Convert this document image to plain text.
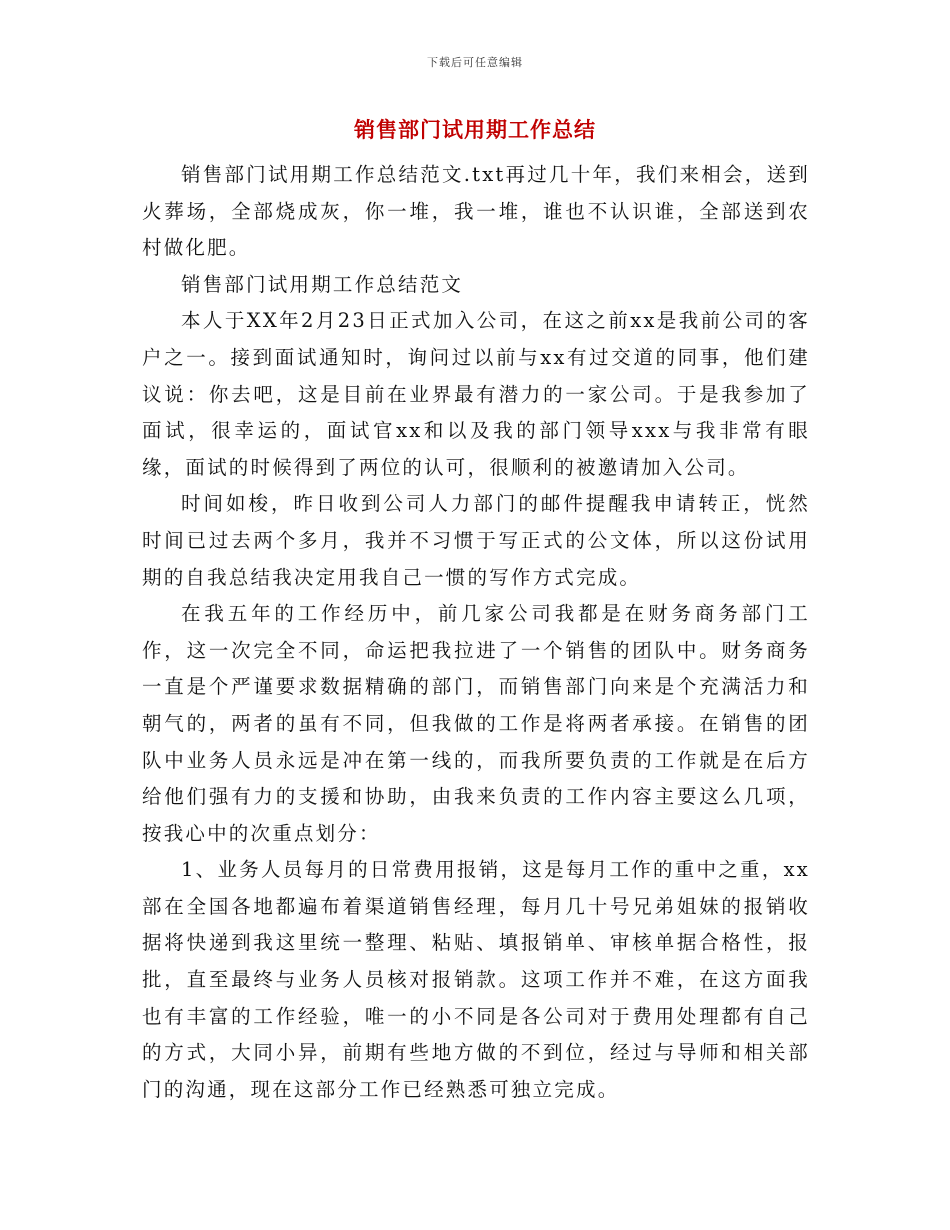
下载后可任意编辑
销售部门试用期工作总结

销售部门试用期工作总结范文.txt再过几十年，我们来相会，送到火葬场，全部烧成灰，你一堆，我一堆，谁也不认识谁，全部送到农村做化肥。

销售部门试用期工作总结范文

本人于XX年2月23日正式加入公司，在这之前xx是我前公司的客户之一。接到面试通知时，询问过以前与xx有过交道的同事，他们建议说：你去吧，这是目前在业界最有潜力的一家公司。于是我参加了面试，很幸运的，面试官xx和以及我的部门领导xxx与我非常有眼缘，面试的时候得到了两位的认可，很顺利的被邀请加入公司。

时间如梭，昨日收到公司人力部门的邮件提醒我申请转正，恍然时间已过去两个多月，我并不习惯于写正式的公文体，所以这份试用期的自我总结我决定用我自己一惯的写作方式完成。

在我五年的工作经历中，前几家公司我都是在财务商务部门工作，这一次完全不同，命运把我拉进了一个销售的团队中。财务商务一直是个严谨要求数据精确的部门，而销售部门向来是个充满活力和朝气的，两者的虽有不同，但我做的工作是将两者承接。在销售的团队中业务人员永远是冲在第一线的，而我所要负责的工作就是在后方给他们强有力的支援和协助，由我来负责的工作内容主要这么几项，按我心中的次重点划分：

1、业务人员每月的日常费用报销，这是每月工作的重中之重，xx部在全国各地都遍布着渠道销售经理，每月几十号兄弟姐妹的报销收据将快递到我这里统一整理、粘贴、填报销单、审核单据合格性，报批，直至最终与业务人员核对报销款。这项工作并不难，在这方面我也有丰富的工作经验，唯一的小不同是各公司对于费用处理都有自己的方式，大同小异，前期有些地方做的不到位，经过与导师和相关部门的沟通，现在这部分工作已经熟悉可独立完成。
